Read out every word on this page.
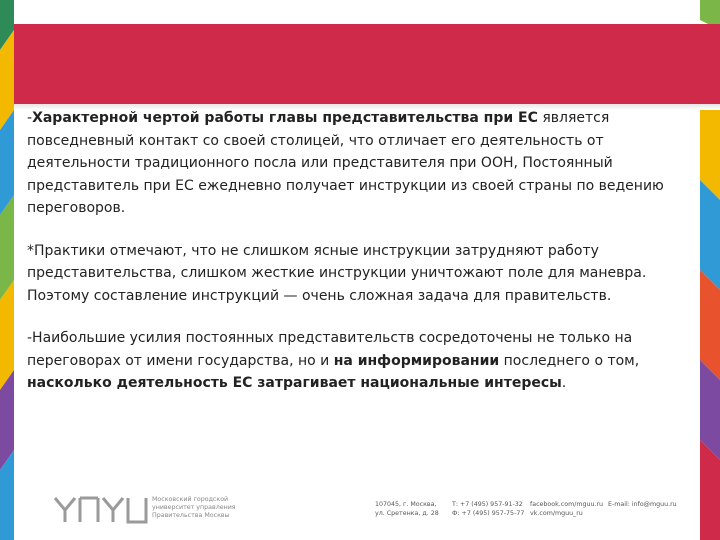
-Характерной чертой работы главы представительства при ЕС является повседневный контакт со своей столицей, что отличает его деятельность от деятельности традиционного посла или представителя при ООН, Постоянный представитель при ЕС ежедневно получает инструкции из своей страны по ведению переговоров.

*Практики отмечают, что не слишком ясные инструкции затрудняют работу представительства, слишком жесткие инструкции уничтожают поле для маневра. Поэтому составление инструкций — очень сложная задача для правительств.

-Наибольшие усилия постоянных представительств сосредоточены не только на переговорах от имени государства, но и на информировании последнего о том, насколько деятельность ЕС затрагивает национальные интересы.

Московский городской
университет управления
Правительства Москвы
107045, г. Москва,
ул. Сретенка, д. 28
Т: +7 (495) 957-91-32
Ф: +7 (495) 957-75-77
facebook.com/mguu.ru
vk.com/mguu_ru
E-mail: info@mguu.ru
